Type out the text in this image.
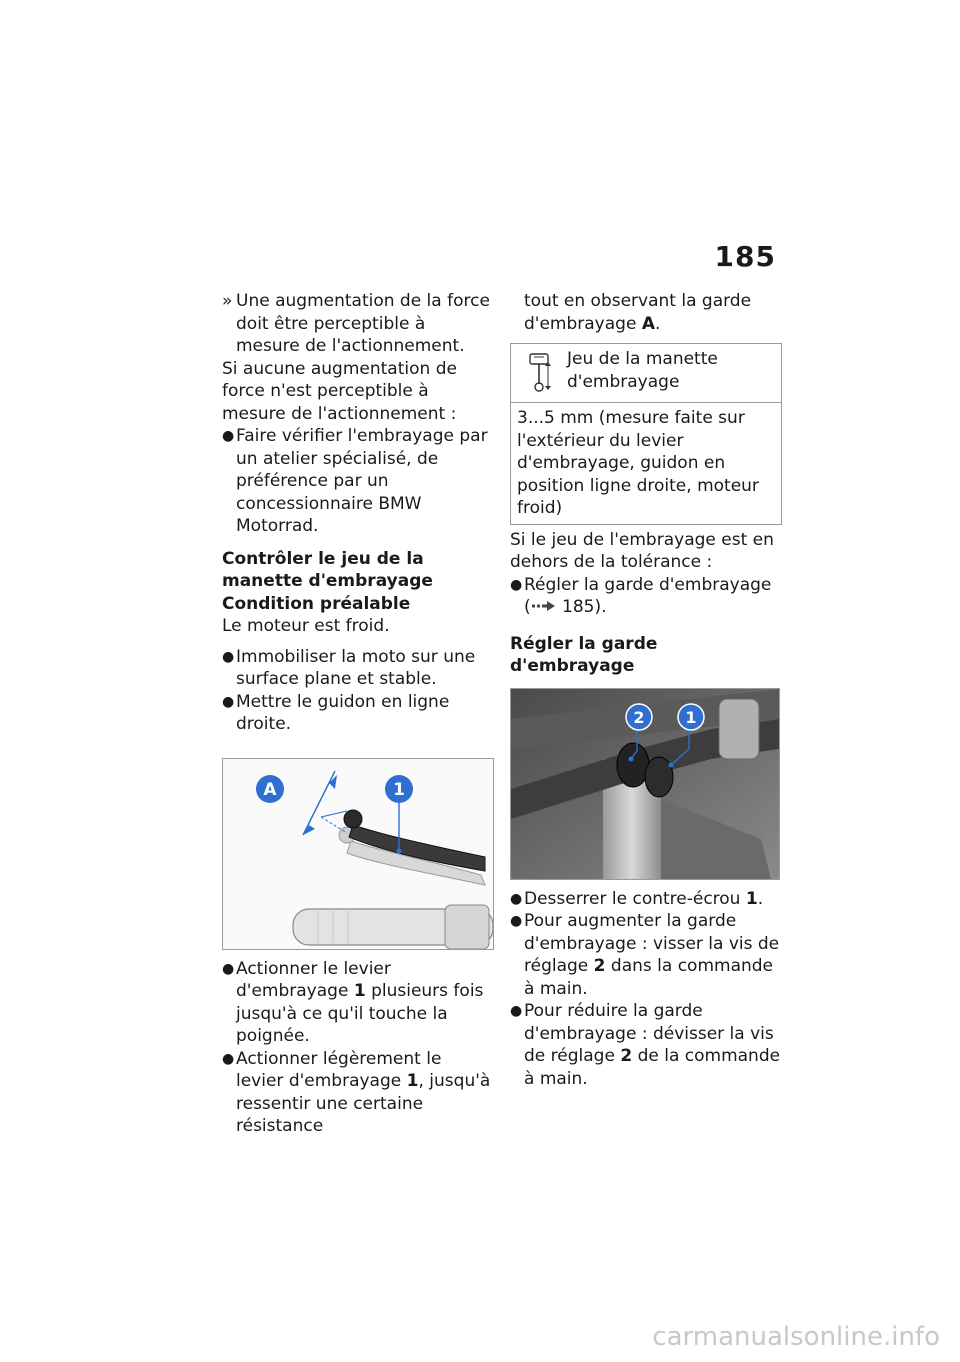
185
» Une augmentation de la force doit être perceptible à mesure de l'actionnement.

Si aucune augmentation de force n'est perceptible à mesure de l'actionnement :

● Faire vérifier l'embrayage par un atelier spécialisé, de préférence par un concessionnaire BMW Motorrad.

Contrôler le jeu de la manette d'embrayage

Condition préalable

Le moteur est froid.

● Immobiliser la moto sur une surface plane et stable.
● Mettre le guidon en ligne droite.
A	1
● Actionner le levier d'embrayage 1 plusieurs fois jusqu'à ce qu'il touche la poignée.
● Actionner légèrement le levier d'embrayage 1, jusqu'à ressentir une certaine résistance

tout en observant la garde d'embrayage A.

Jeu de la manette d'embrayage
3...5 mm (mesure faite sur l'extérieur du levier d'embrayage, guidon en position ligne droite, moteur froid)

Si le jeu de l'embrayage est en dehors de la tolérance :

● Régler la garde d'embrayage
( 185).

Régler la garde d'embrayage

2	1
● Desserrer le contre-écrou 1.
● Pour augmenter la garde d'embrayage : visser la vis de réglage 2 dans la commande à main.
● Pour réduire la garde d'embrayage : dévisser la vis de réglage 2 de la commande à main.
carmanualsonline.info
